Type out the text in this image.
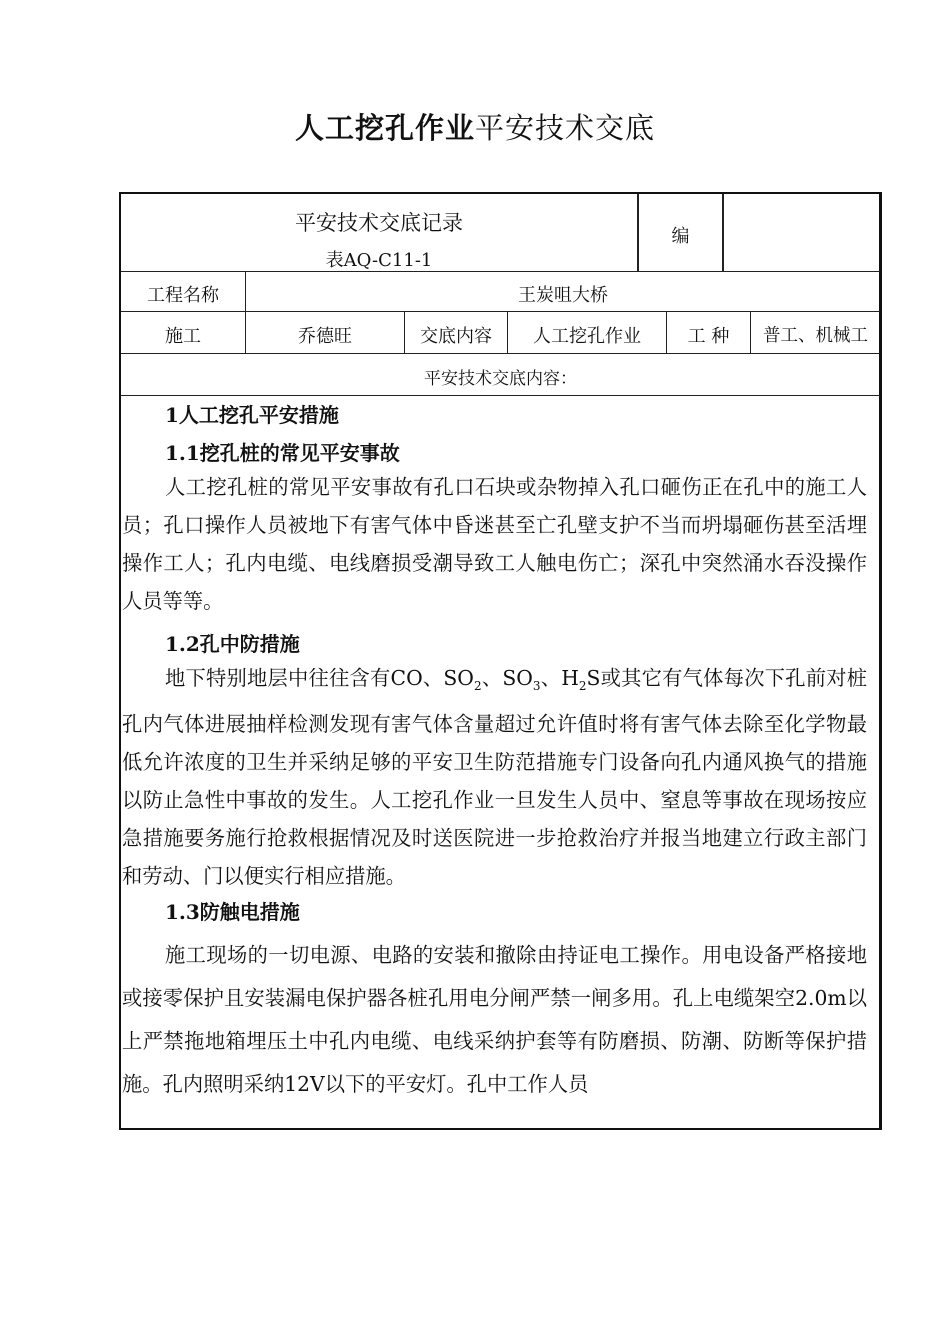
人工挖孔作业平安技术交底
平安技术交底记录
表AQ-C11-1
编
工程名称	王炭咀大桥
施工	乔德旺	交底内容	人工挖孔作业	工 种	普工、机械工
平安技术交底内容：
1人工挖孔平安措施
1.1挖孔桩的常见平安事故
人工挖孔桩的常见平安事故有孔口石块或杂物掉入孔口砸伤正在孔中的施工人员；孔口操作人员被地下有害气体中昏迷甚至亡孔壁支护不当而坍塌砸伤甚至活埋操作工人；孔内电缆、电线磨损受潮导致工人触电伤亡；深孔中突然涌水吞没操作人员等等。
1.2孔中防措施
地下特别地层中往往含有CO、$SO_2$、$SO_3$、$H_2S$或其它有气体每次下孔前对桩孔内气体进展抽样检测发现有害气体含量超过允许值时将有害气体去除至化学物最低允许浓度的卫生并采纳足够的平安卫生防范措施专门设备向孔内通风换气的措施以防止急性中事故的发生。人工挖孔作业一旦发生人员中、窒息等事故在现场按应急措施要务施行抢救根据情况及时送医院进一步抢救治疗并报当地建立行政主部门和劳动、门以便实行相应措施。
1.3防触电措施
施工现场的一切电源、电路的安装和撤除由持证电工操作。用电设备严格接地或接零保护且安装漏电保护器各桩孔用电分闸严禁一闸多用。孔上电缆架空2.0m以上严禁拖地箱埋压土中孔内电缆、电线采纳护套等有防磨损、防潮、防断等保护措施。孔内照明采纳12V以下的平安灯。孔中工作人员
